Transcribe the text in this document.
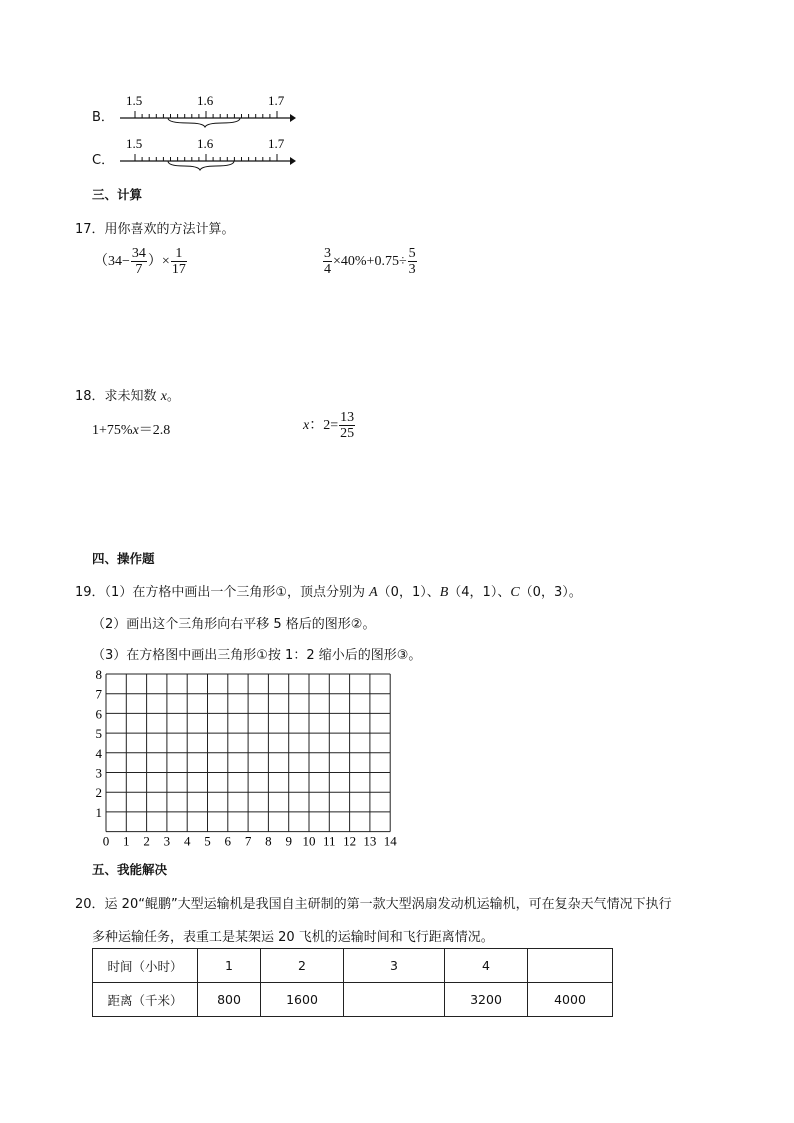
B．
1.5	1.6	1.7
C．
1.5	1.6	1.7
三、计算
17．用你喜欢的方法计算。
（$34- \frac{34}{7}$ ）× $\frac{1}{17}$	$\frac{3}{4} \times 40\%+0.75\div \frac{5}{3}$
18．求未知数 x。
1+75%x＝2.8	x：$2= \frac{13}{25}$
四、操作题
19．（1）在方格中画出一个三角形①，顶点分别为 A（0，1）、B（4，1）、C（0，3）。
（2）画出这个三角形向右平移 5 格后的图形②。
（3）在方格图中画出三角形①按 1：2 缩小后的图形③。
0 1 2 3 4 5 6 7 8 9 10 11 12 13 14
1
2
3
4
5
6
7
8
五、我能解决
20．运 20“鲲鹏”大型运输机是我国自主研制的第一款大型涡扇发动机运输机，可在复杂天气情况下执行
多种运输任务，表重工是某架运 20 飞机的运输时间和飞行距离情况。
时间（小时）	1	2	3	4	
距离（千米）	800	1600		3200	4000
